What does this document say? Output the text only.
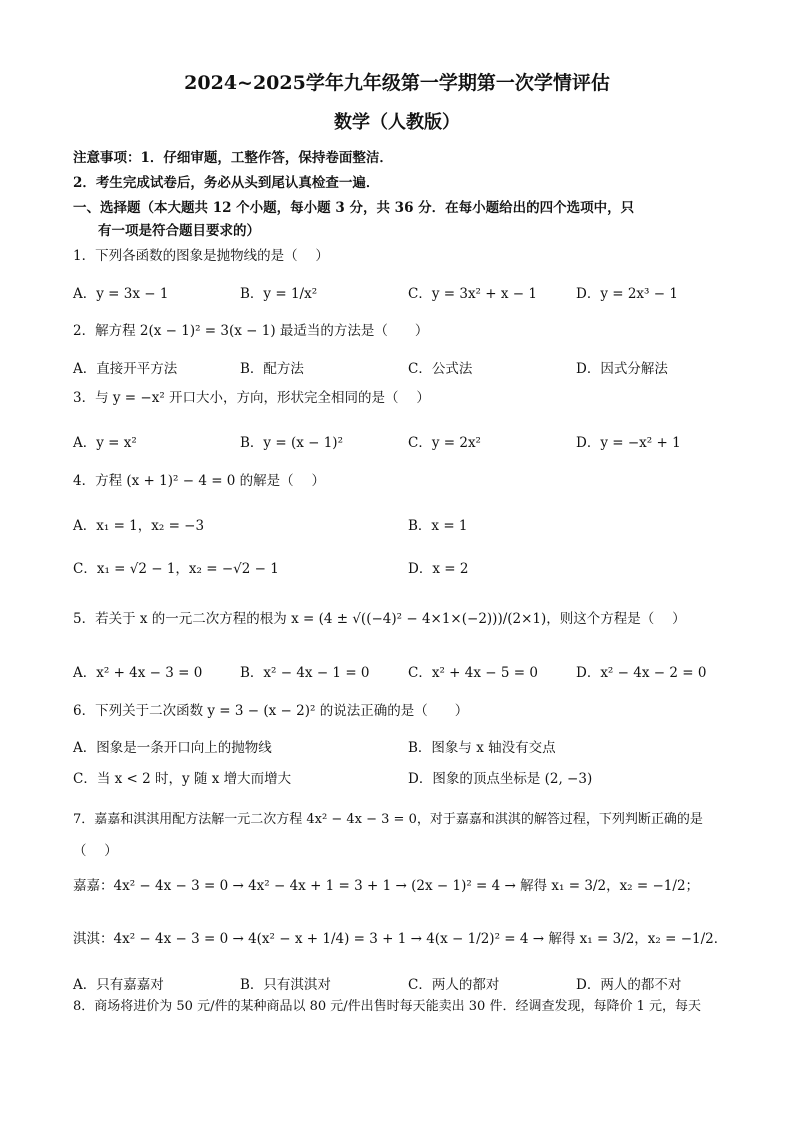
2024~2025学年九年级第一学期第一次学情评估
数学（人教版）
注意事项：1．仔细审题，工整作答，保持卷面整洁．
2．考生完成试卷后，务必从头到尾认真检查一遍．
一、选择题（本大题共 12 个小题，每小题 3 分，共 36 分．在每小题给出的四个选项中，只
有一项是符合题目要求的）
1．下列各函数的图象是抛物线的是（　 ）
A．y = 3x − 1	B．y = 1/x²	C．y = 3x² + x − 1	D．y = 2x³ − 1
2．解方程 2(x − 1)² = 3(x − 1) 最适当的方法是（　　）
A．直接开平方法	B．配方法	C．公式法	D．因式分解法
3．与 y = −x² 开口大小，方向，形状完全相同的是（　 ）
A．y = x²	B．y = (x − 1)²	C．y = 2x²	D．y = −x² + 1
4．方程 (x + 1)² − 4 = 0 的解是（　 ）
A．x₁ = 1，x₂ = −3	B．x = 1
C．x₁ = √2 − 1，x₂ = −√2 − 1	D．x = 2
5．若关于 x 的一元二次方程的根为 x = (4 ± √((−4)² − 4×1×(−2)))/(2×1)，则这个方程是（　 ）
A．x² + 4x − 3 = 0	B．x² − 4x − 1 = 0	C．x² + 4x − 5 = 0	D．x² − 4x − 2 = 0
6．下列关于二次函数 y = 3 − (x − 2)² 的说法正确的是（　　）
A．图象是一条开口向上的抛物线	B．图象与 x 轴没有交点
C．当 x < 2 时，y 随 x 增大而增大	D．图象的顶点坐标是 (2, −3)
7．嘉嘉和淇淇用配方法解一元二次方程 4x² − 4x − 3 = 0，对于嘉嘉和淇淇的解答过程，下列判断正确的是
（　 ）
嘉嘉：4x² − 4x − 3 = 0 → 4x² − 4x + 1 = 3 + 1 → (2x − 1)² = 4 → 解得 x₁ = 3/2，x₂ = −1/2；
淇淇：4x² − 4x − 3 = 0 → 4(x² − x + 1/4) = 3 + 1 → 4(x − 1/2)² = 4 → 解得 x₁ = 3/2，x₂ = −1/2．
A．只有嘉嘉对	B．只有淇淇对	C．两人的都对	D．两人的都不对
8．商场将进价为 50 元/件的某种商品以 80 元/件出售时每天能卖出 30 件．经调查发现，每降价 1 元，每天
